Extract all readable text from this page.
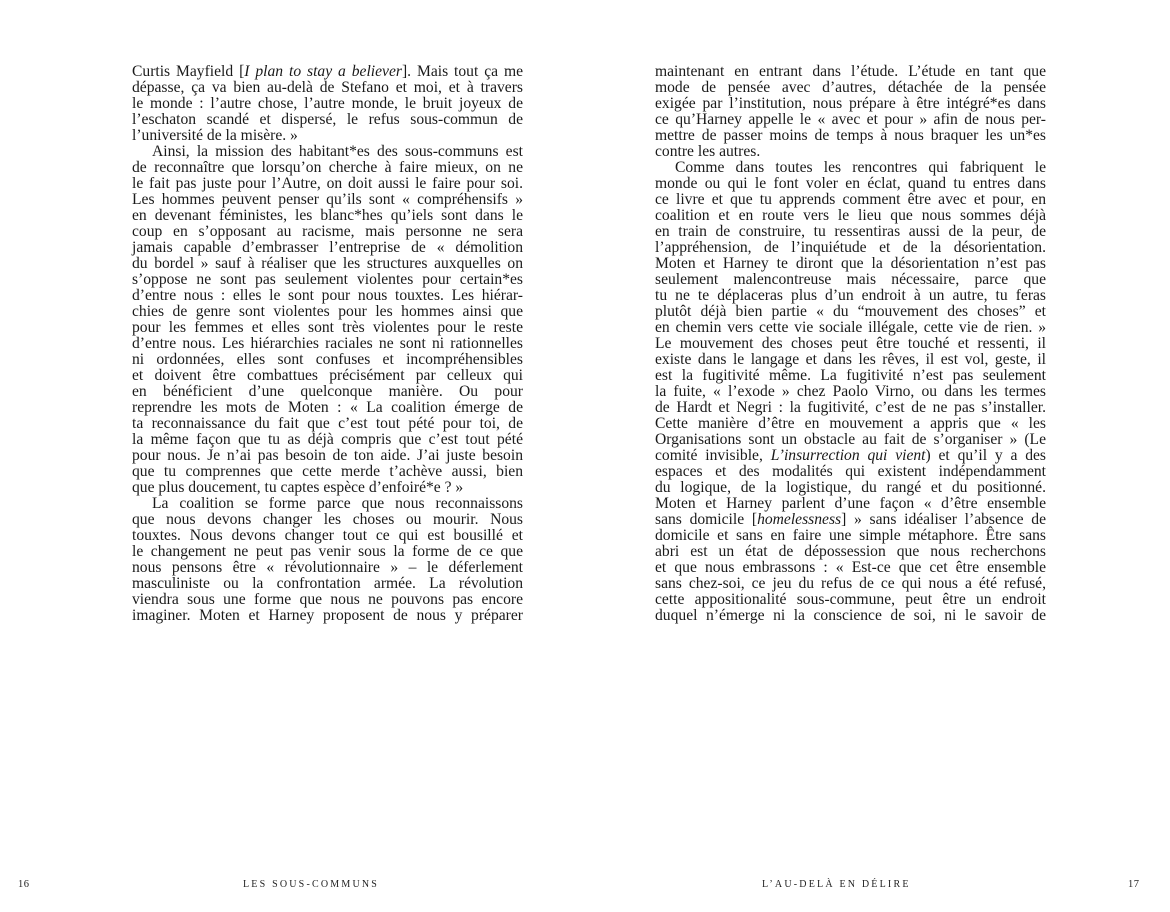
Curtis Mayfield [I plan to stay a believer]. Mais tout ça me
dépasse, ça va bien au-delà de Stefano et moi, et à travers
le monde : l’autre chose, l’autre monde, le bruit joyeux de
l’eschaton scandé et dispersé, le refus sous-commun de
l’université de la misère. »
Ainsi, la mission des habitant*es des sous-communs est
de reconnaître que lorsqu’on cherche à faire mieux, on ne
le fait pas juste pour l’Autre, on doit aussi le faire pour soi.
Les hommes peuvent penser qu’ils sont « compréhensifs »
en devenant féministes, les blanc*hes qu’iels sont dans le
coup en s’opposant au racisme, mais personne ne sera
jamais capable d’embrasser l’entreprise de « démolition
du bordel » sauf à réaliser que les structures auxquelles on
s’oppose ne sont pas seulement violentes pour certain*es
d’entre nous : elles le sont pour nous touxtes. Les hiérar-
chies de genre sont violentes pour les hommes ainsi que
pour les femmes et elles sont très violentes pour le reste
d’entre nous. Les hiérarchies raciales ne sont ni rationnelles
ni ordonnées, elles sont confuses et incompréhensibles
et doivent être combattues précisément par celleux qui
en bénéficient d’une quelconque manière. Ou pour
reprendre les mots de Moten : « La coalition émerge de
ta reconnaissance du fait que c’est tout pété pour toi, de
la même façon que tu as déjà compris que c’est tout pété
pour nous. Je n’ai pas besoin de ton aide. J’ai juste besoin
que tu comprennes que cette merde t’achève aussi, bien
que plus doucement, tu captes espèce d’enfoiré*e ? »
La coalition se forme parce que nous reconnaissons
que nous devons changer les choses ou mourir. Nous
touxtes. Nous devons changer tout ce qui est bousillé et
le changement ne peut pas venir sous la forme de ce que
nous pensons être « révolutionnaire » – le déferlement
masculiniste ou la confrontation armée. La révolution
viendra sous une forme que nous ne pouvons pas encore
imaginer. Moten et Harney proposent de nous y préparer
maintenant en entrant dans l’étude. L’étude en tant que
mode de pensée avec d’autres, détachée de la pensée
exigée par l’institution, nous prépare à être intégré*es dans
ce qu’Harney appelle le « avec et pour » afin de nous per-
mettre de passer moins de temps à nous braquer les un*es
contre les autres.
Comme dans toutes les rencontres qui fabriquent le
monde ou qui le font voler en éclat, quand tu entres dans
ce livre et que tu apprends comment être avec et pour, en
coalition et en route vers le lieu que nous sommes déjà
en train de construire, tu ressentiras aussi de la peur, de
l’appréhension, de l’inquiétude et de la désorientation.
Moten et Harney te diront que la désorientation n’est pas
seulement malencontreuse mais nécessaire, parce que
tu ne te déplaceras plus d’un endroit à un autre, tu feras
plutôt déjà bien partie « du “mouvement des choses” et
en chemin vers cette vie sociale illégale, cette vie de rien. »
Le mouvement des choses peut être touché et ressenti, il
existe dans le langage et dans les rêves, il est vol, geste, il
est la fugitivité même. La fugitivité n’est pas seulement
la fuite, « l’exode » chez Paolo Virno, ou dans les termes
de Hardt et Negri : la fugitivité, c’est de ne pas s’installer.
Cette manière d’être en mouvement a appris que « les
Organisations sont un obstacle au fait de s’organiser » (Le
comité invisible, L’insurrection qui vient) et qu’il y a des
espaces et des modalités qui existent indépendamment
du logique, de la logistique, du rangé et du positionné.
Moten et Harney parlent d’une façon « d’être ensemble
sans domicile [homelessness] » sans idéaliser l’absence de
domicile et sans en faire une simple métaphore. Être sans
abri est un état de dépossession que nous recherchons
et que nous embrassons : « Est-ce que cet être ensemble
sans chez-soi, ce jeu du refus de ce qui nous a été refusé,
cette appositionalité sous-commune, peut être un endroit
duquel n’émerge ni la conscience de soi, ni le savoir de
16	LES SOUS-COMMUNS	L’AU-DELÀ EN DÉLIRE	17
